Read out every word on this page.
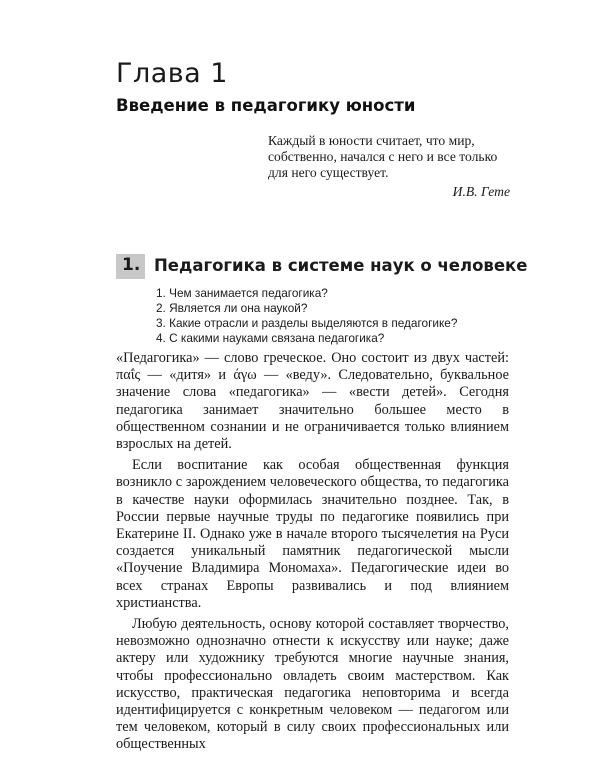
Глава 1
Введение в педагогику юности
Каждый в юности считает, что мир, собственно, начался с него и все только для него существует.
И.В. Гете
1. Педагогика в системе наук о человеке
1. Чем занимается педагогика?
2. Является ли она наукой?
3. Какие отрасли и разделы выделяются в педагогике?
4. С какими науками связана педагогика?

«Педагогика» — слово греческое. Оно состоит из двух частей: παΐς — «дитя» и άγω — «веду». Следовательно, буквальное значение слова «педагогика» — «вести детей». Сегодня педагогика занимает значительно большее место в общественном сознании и не ограничивается только влиянием взрослых на детей.

Если воспитание как особая общественная функция возникло с зарождением человеческого общества, то педагогика в качестве науки оформилась значительно позднее. Так, в России первые научные труды по педагогике появились при Екатерине II. Однако уже в начале второго тысячелетия на Руси создается уникальный памятник педагогической мысли «Поучение Владимира Мономаха». Педагогические идеи во всех странах Европы развивались и под влиянием христианства.

Любую деятельность, основу которой составляет творчество, невозможно однозначно отнести к искусству или науке; даже актеру или художнику требуются многие научные знания, чтобы профессионально овладеть своим мастерством. Как искусство, практическая педагогика неповторима и всегда идентифицируется с конкретным человеком — педагогом или тем человеком, который в силу своих профессиональных или общественных
